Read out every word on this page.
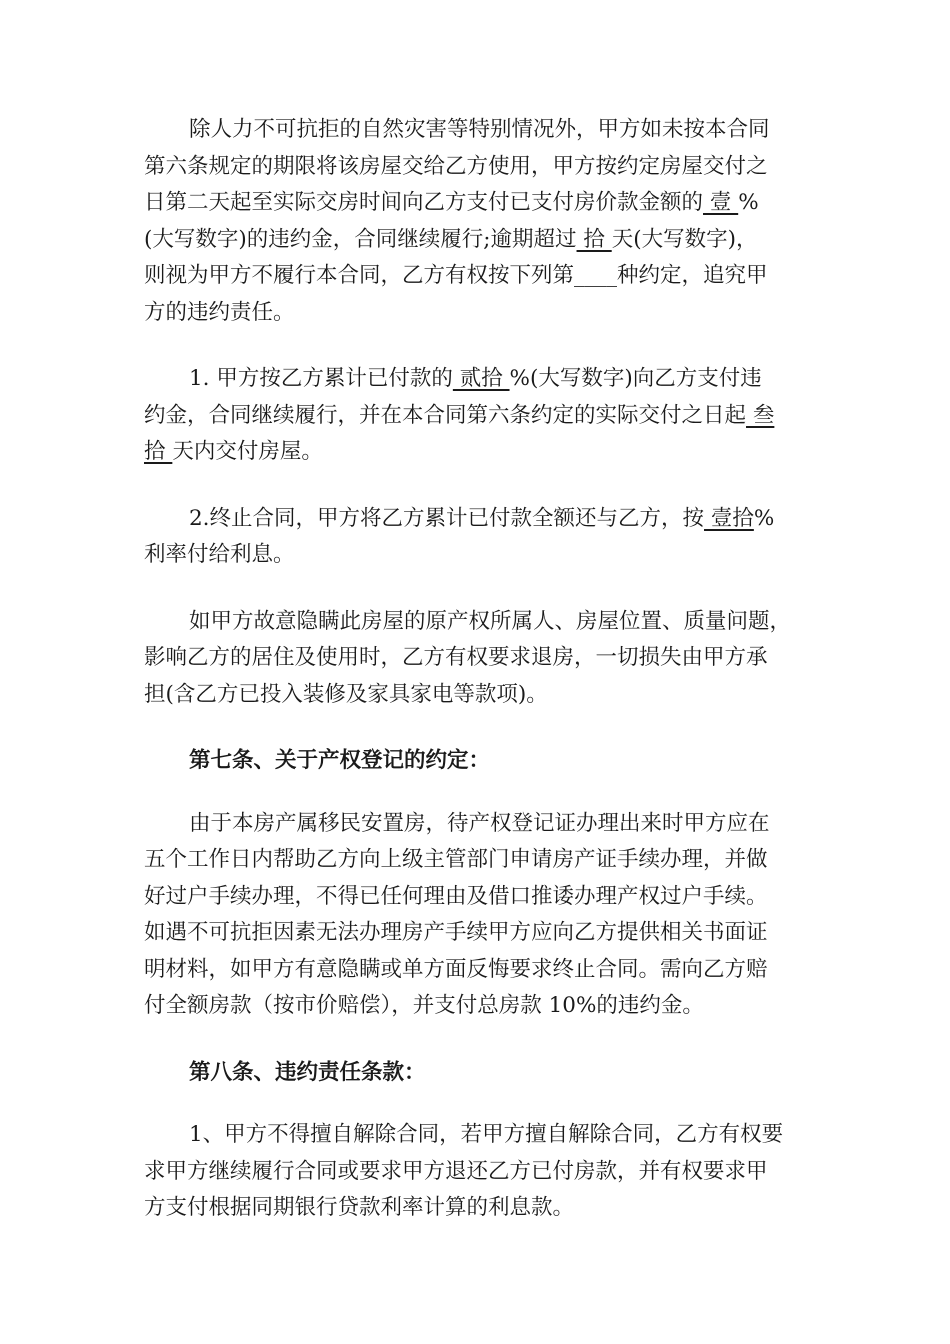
除人力不可抗拒的自然灾害等特别情况外，甲方如未按本合同
第六条规定的期限将该房屋交给乙方使用，甲方按约定房屋交付之
日第二天起至实际交房时间向乙方支付已支付房价款金额的 壹 %
(大写数字)的违约金，合同继续履行;逾期超过 拾 天(大写数字)，
则视为甲方不履行本合同，乙方有权按下列第____种约定，追究甲
方的违约责任。
1. 甲方按乙方累计已付款的 贰拾 %(大写数字)向乙方支付违
约金，合同继续履行，并在本合同第六条约定的实际交付之日起 叁
拾 天内交付房屋。
2.终止合同，甲方将乙方累计已付款全额还与乙方，按 壹拾%
利率付给利息。
如甲方故意隐瞒此房屋的原产权所属人、房屋位置、质量问题，
影响乙方的居住及使用时，乙方有权要求退房，一切损失由甲方承
担(含乙方已投入装修及家具家电等款项)。
第七条、关于产权登记的约定：
由于本房产属移民安置房，待产权登记证办理出来时甲方应在
五个工作日内帮助乙方向上级主管部门申请房产证手续办理，并做
好过户手续办理，不得已任何理由及借口推诿办理产权过户手续。
如遇不可抗拒因素无法办理房产手续甲方应向乙方提供相关书面证
明材料，如甲方有意隐瞒或单方面反悔要求终止合同。需向乙方赔
付全额房款（按市价赔偿），并支付总房款 10%的违约金。
第八条、违约责任条款：
1、甲方不得擅自解除合同，若甲方擅自解除合同，乙方有权要
求甲方继续履行合同或要求甲方退还乙方已付房款，并有权要求甲
方支付根据同期银行贷款利率计算的利息款。
